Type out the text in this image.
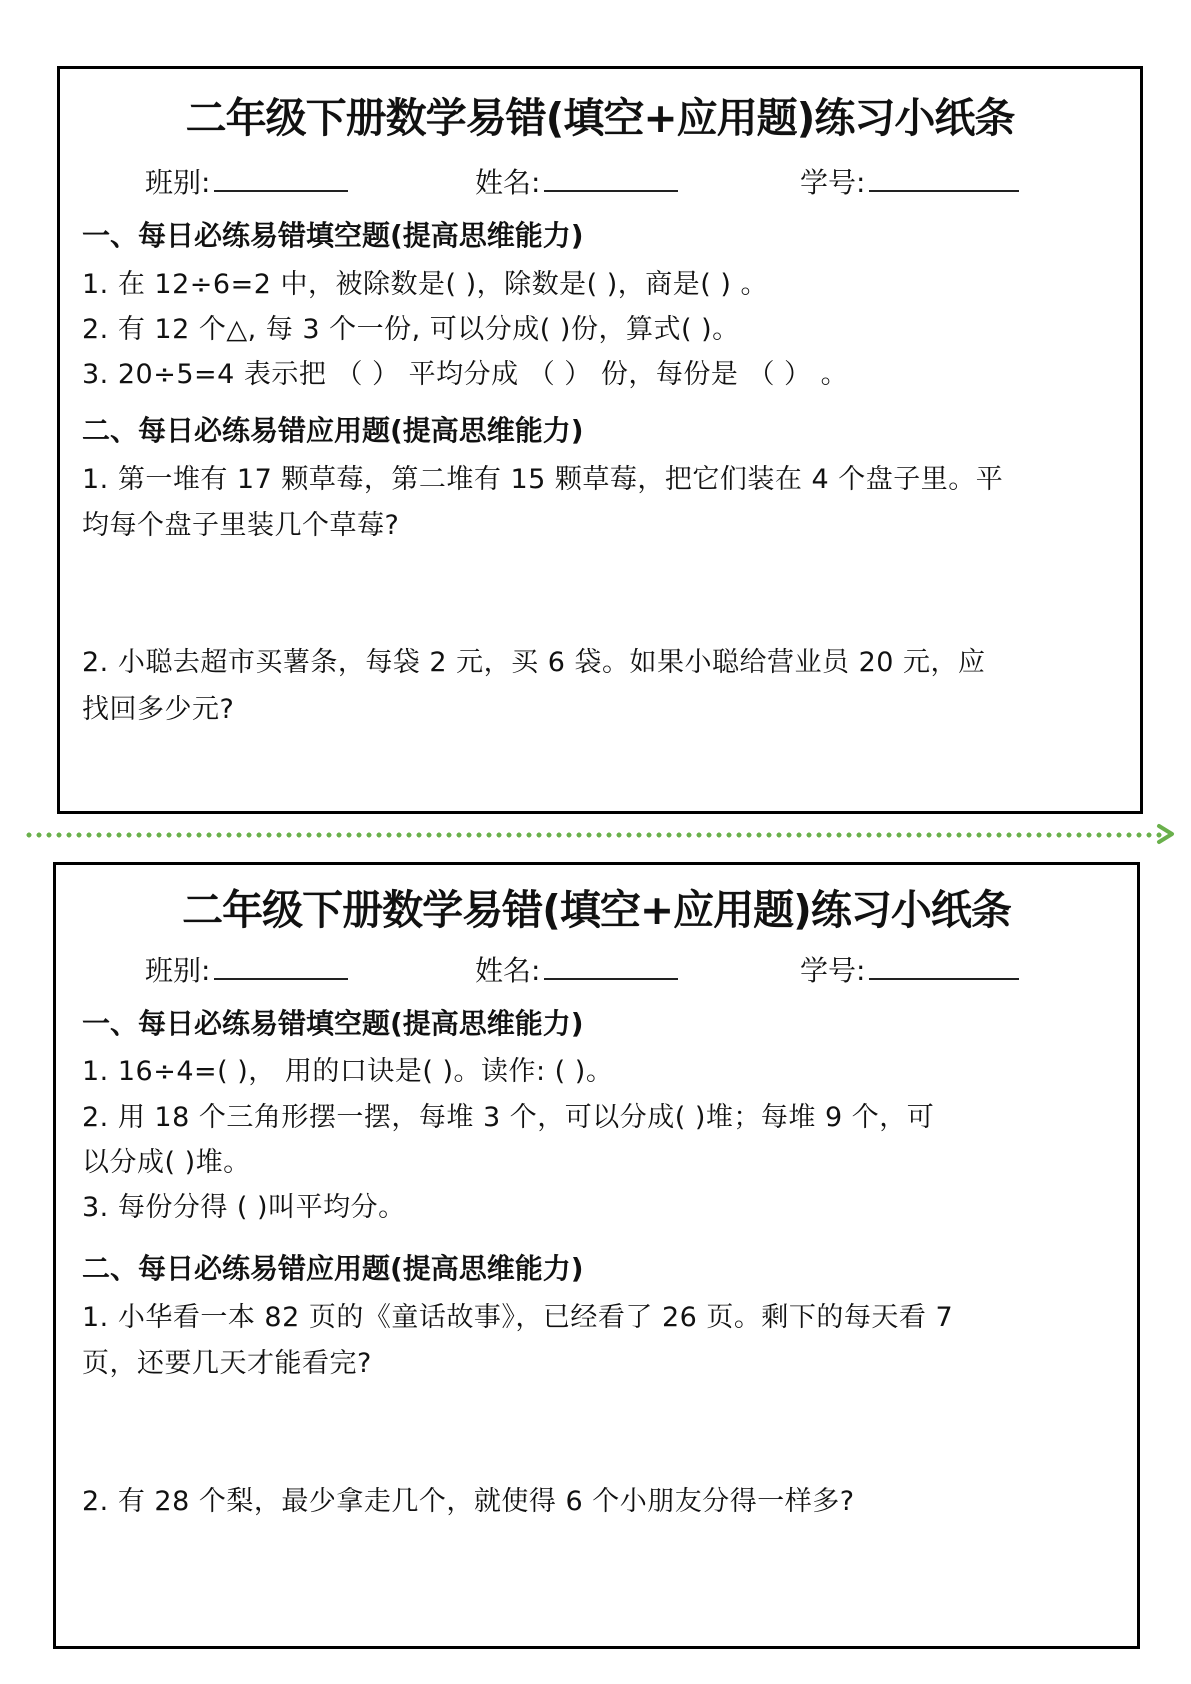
二年级下册数学易错(填空+应用题)练习小纸条
班别:	姓名:	学号:
一、每日必练易错填空题(提高思维能力)
1. 在 12÷6=2 中，被除数是( )，除数是( )，商是( ) 。
2. 有 12 个△, 每 3 个一份, 可以分成( )份，算式( )。
3. 20÷5=4 表示把 （ ） 平均分成 （ ） 份，每份是 （ ） 。
二、每日必练易错应用题(提高思维能力)
1. 第一堆有 17 颗草莓，第二堆有 15 颗草莓，把它们装在 4 个盘子里。平
均每个盘子里装几个草莓?
2. 小聪去超市买薯条，每袋 2 元，买 6 袋。如果小聪给营业员 20 元，应
找回多少元?
二年级下册数学易错(填空+应用题)练习小纸条
班别:	姓名:	学号:
一、每日必练易错填空题(提高思维能力)
1. 16÷4=( )， 用的口诀是( )。读作: ( )。
2. 用 18 个三角形摆一摆，每堆 3 个，可以分成( )堆；每堆 9 个，可
以分成( )堆。
3. 每份分得 ( )叫平均分。
二、每日必练易错应用题(提高思维能力)
1. 小华看一本 82 页的《童话故事》，已经看了 26 页。剩下的每天看 7
页，还要几天才能看完?
2. 有 28 个梨，最少拿走几个，就使得 6 个小朋友分得一样多?
